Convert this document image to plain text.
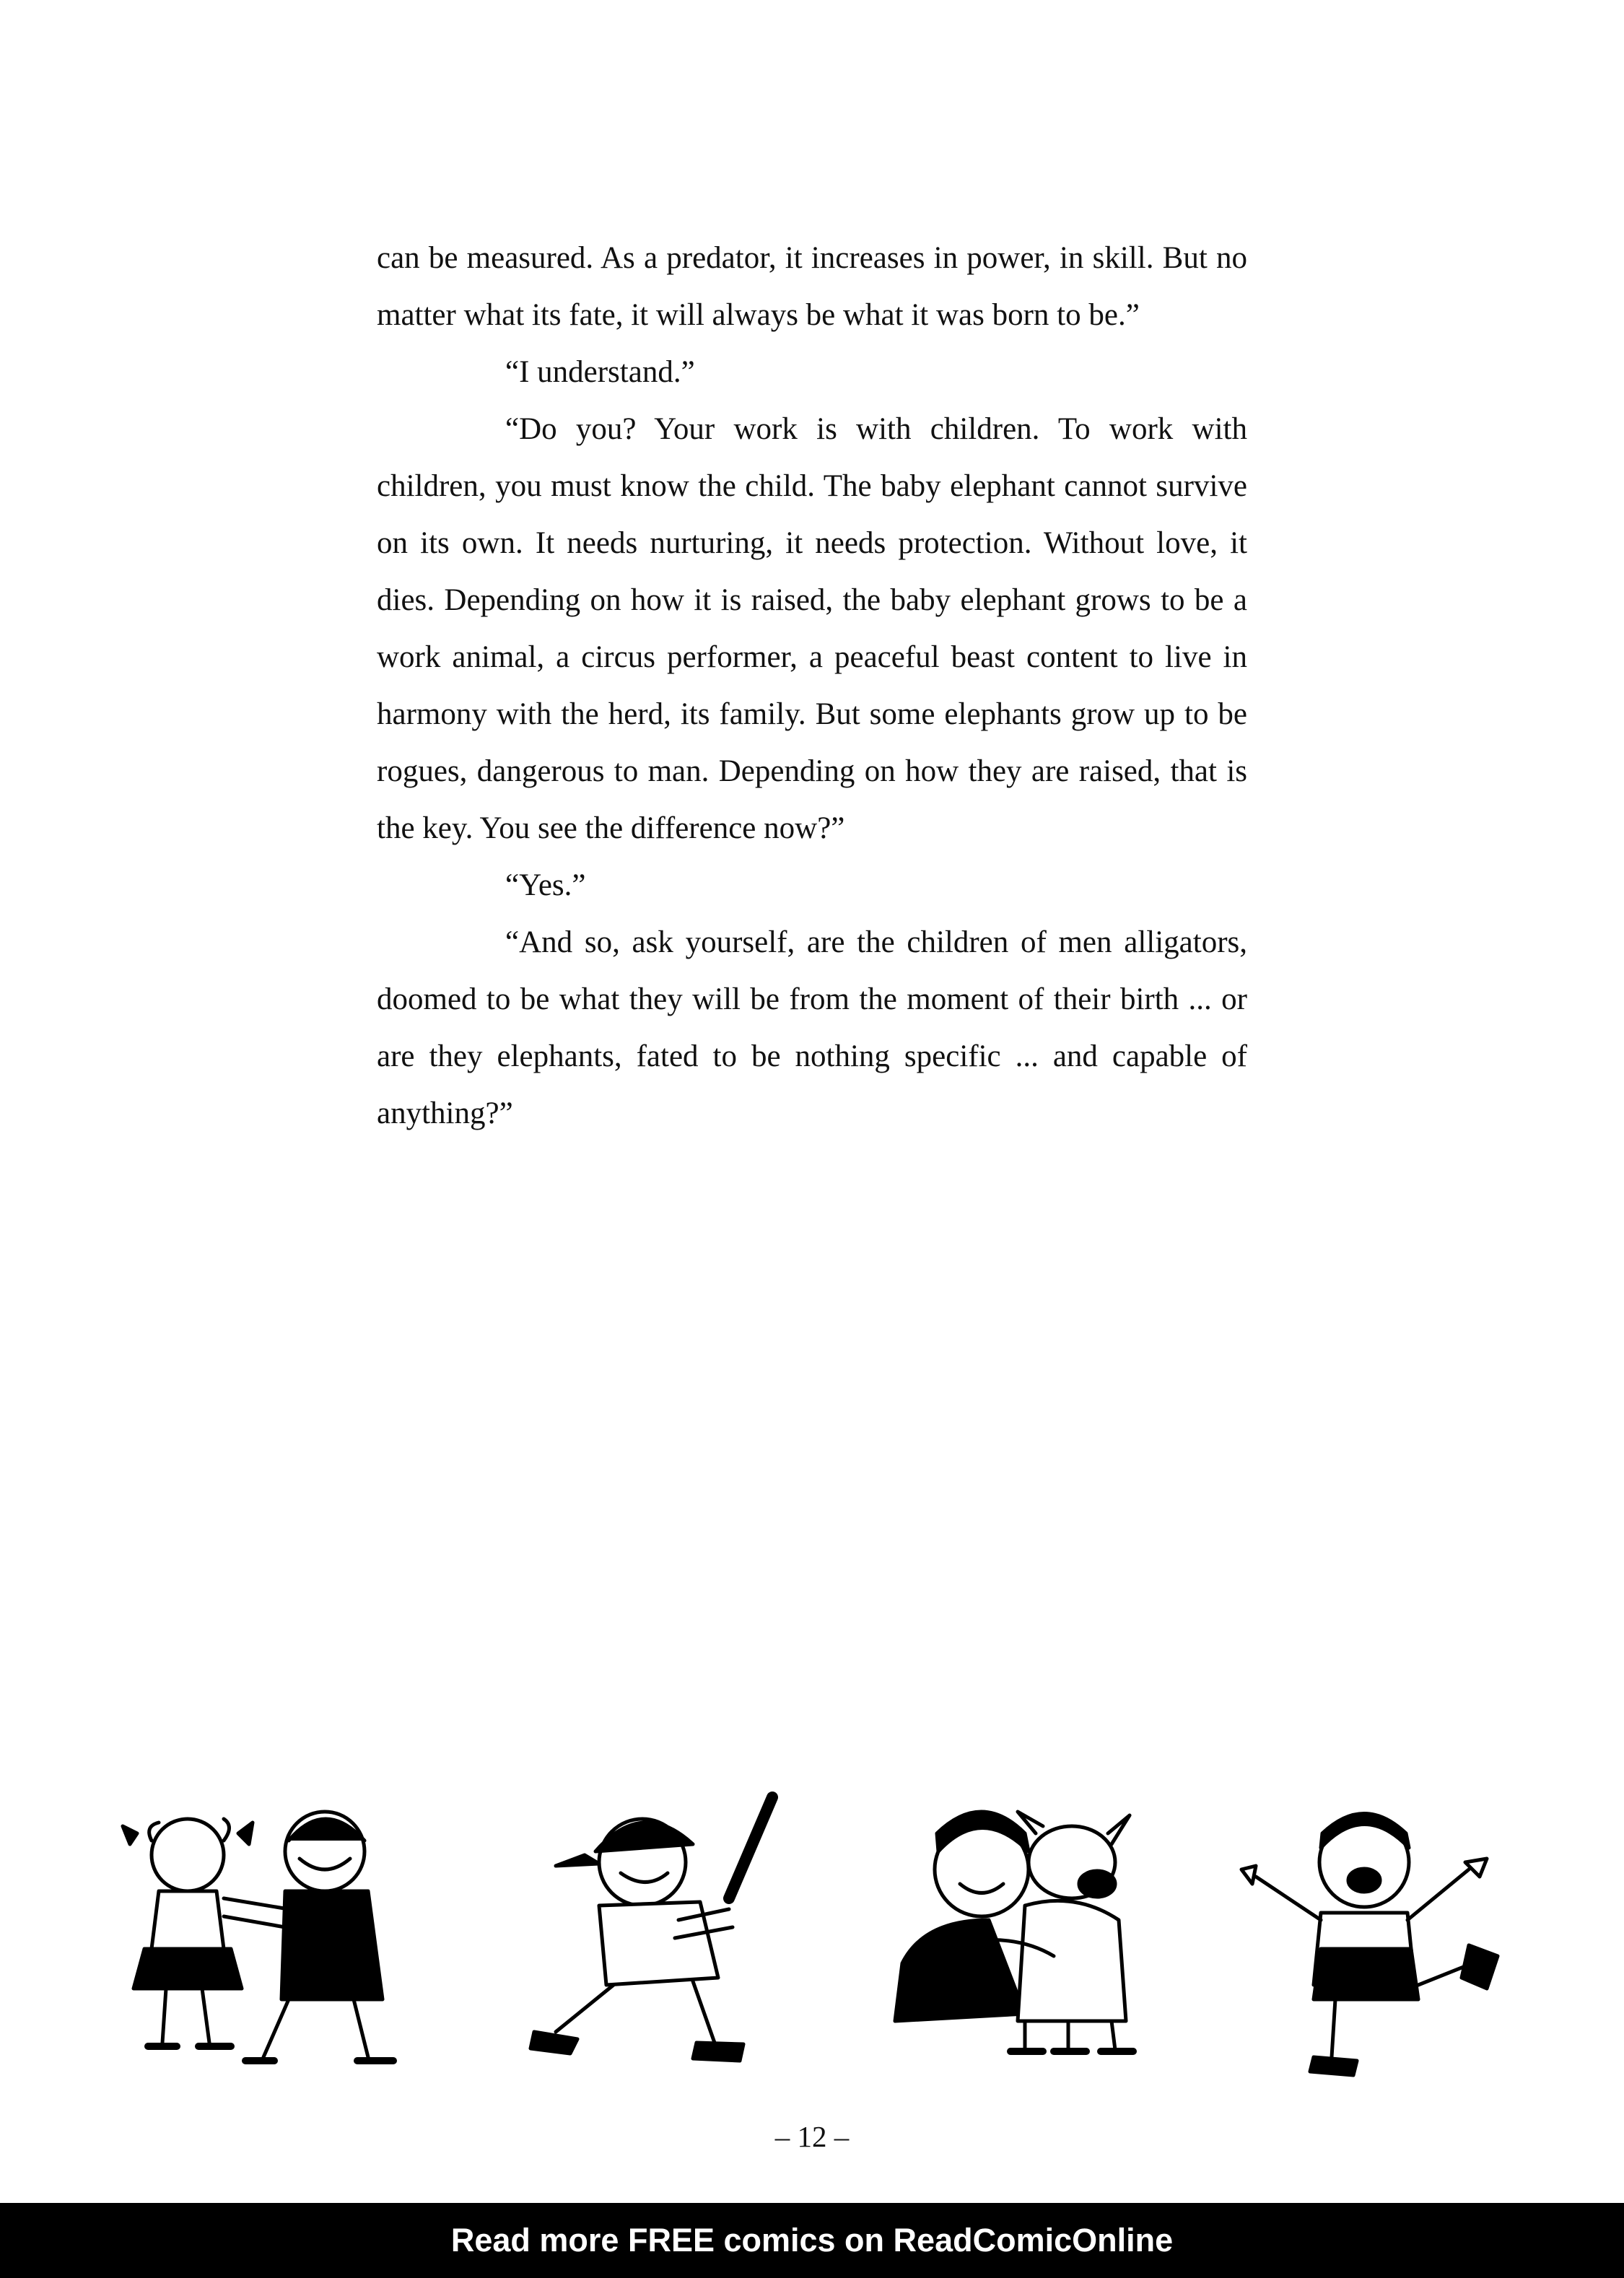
can be measured. As a predator, it increases in power, in skill. But no matter what its fate, it will always be what it was born to be.”

“I understand.”

“Do you? Your work is with children. To work with children, you must know the child. The baby elephant cannot survive on its own. It needs nurturing, it needs protection. Without love, it dies. Depending on how it is raised, the baby elephant grows to be a work animal, a circus performer, a peaceful beast content to live in harmony with the herd, its family. But some elephants grow up to be rogues, dangerous to man. Depending on how they are raised, that is the key. You see the difference now?”

“Yes.”

“And so, ask yourself, are the children of men alligators, doomed to be what they will be from the moment of their birth ... or are they elephants, fated to be nothing specific ... and capable of anything?”

– 12 –
Read more FREE comics on ReadComicOnline
